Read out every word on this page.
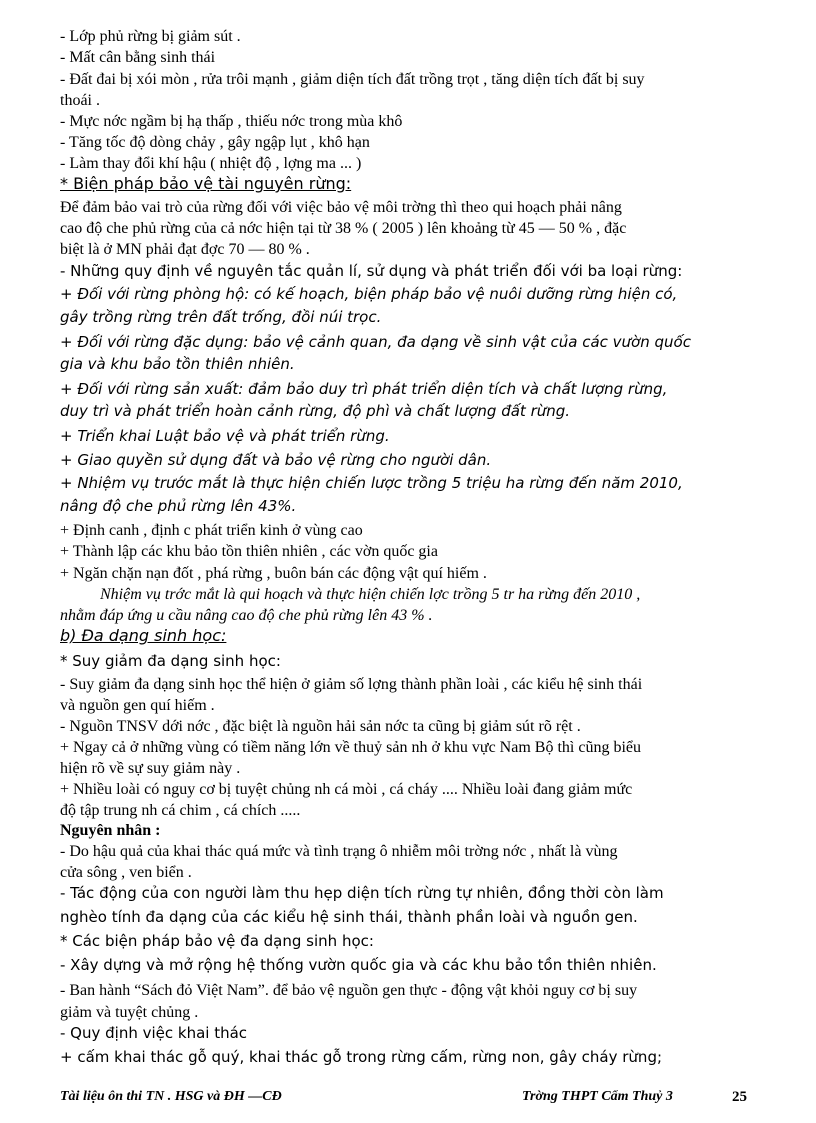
- Lớp phủ rừng bị giảm sút .
- Mất cân bằng sinh thái
- Đất đai bị xói mòn , rửa trôi mạnh , giảm diện tích đất trồng trọt , tăng diện tích đất bị suy
thoái .
- Mực nớc ngầm bị hạ thấp , thiếu nớc trong mùa khô
- Tăng tốc độ dòng chảy , gây ngập lụt , khô hạn
- Làm thay đổi khí hậu ( nhiệt độ , lợng ma ... )
* Biện pháp bảo vệ tài nguyên rừng:
Để đảm bảo vai trò của rừng đối với việc bảo vệ môi trờng thì theo qui hoạch phải nâng
cao độ che phủ rừng của cả nớc hiện tại từ 38 % ( 2005 ) lên khoảng từ 45 — 50 % , đặc
biệt là ở MN phải đạt đợc 70 — 80 % .
- Những quy định về nguyên tắc quản lí, sử dụng và phát triển đối với ba loại rừng:
+ Đối với rừng phòng hộ: có kế hoạch, biện pháp bảo vệ nuôi dưỡng rừng hiện có,
gây trồng rừng trên đất trống, đồi núi trọc.
+ Đối với rừng đặc dụng: bảo vệ cảnh quan, đa dạng về sinh vật của các vườn quốc
gia và khu bảo tồn thiên nhiên.
+ Đối với rừng sản xuất: đảm bảo duy trì phát triển diện tích và chất lượng rừng,
duy trì và phát triển hoàn cảnh rừng, độ phì và chất lượng đất rừng.
+ Triển khai Luật bảo vệ và phát triển rừng.
+ Giao quyền sử dụng đất và bảo vệ rừng cho người dân.
+ Nhiệm vụ trước mắt là thực hiện chiến lược trồng 5 triệu ha rừng đến năm 2010,
nâng độ che phủ rừng lên 43%.
+ Định canh , định c phát triển kinh ở vùng cao
+ Thành lập các khu bảo tồn thiên nhiên , các vờn quốc gia
+ Ngăn chặn nạn đốt , phá rừng , buôn bán các động vật quí hiếm .
Nhiệm vụ trớc mắt là qui hoạch và thực hiện chiến lợc trồng 5 tr ha rừng đến 2010 ,
nhằm đáp ứng u cầu nâng cao độ che phủ rừng lên 43 % .
b) Đa dạng sinh học:
* Suy giảm đa dạng sinh học:
- Suy giảm đa dạng sinh học thể hiện ở giảm số lợng thành phần loài , các kiểu hệ sinh thái
và nguồn gen quí hiếm .
- Nguồn TNSV dới nớc , đặc biệt là nguồn hải sản nớc ta cũng bị giảm sút rõ rệt .
+ Ngay cả ở những vùng có tiềm năng lớn về thuỷ sản nh ở khu vực Nam Bộ thì cũng biểu
hiện rõ về sự suy giảm này .
+ Nhiều loài có nguy cơ bị tuyệt chủng nh cá mòi , cá cháy .... Nhiều loài đang giảm mức
độ tập trung nh cá chim , cá chích .....
Nguyên nhân :
- Do hậu quả của khai thác quá mức và tình trạng ô nhiễm môi trờng nớc , nhất là vùng
cửa sông , ven biển .
- Tác động của con người làm thu hẹp diện tích rừng tự nhiên, đồng thời còn làm
nghèo tính đa dạng của các kiểu hệ sinh thái, thành phần loài và nguồn gen.
* Các biện pháp bảo vệ đa dạng sinh học:
- Xây dựng và mở rộng hệ thống vườn quốc gia và các khu bảo tồn thiên nhiên.
- Ban hành “Sách đỏ Việt Nam”. để bảo vệ nguồn gen thực - động vật khỏi nguy cơ bị suy
giảm và tuyệt chủng .
- Quy định việc khai thác
+ cấm khai thác gỗ quý, khai thác gỗ trong rừng cấm, rừng non, gây cháy rừng;
Tài liệu ôn thi TN . HSG và ĐH —CĐ	Trờng THPT Cẩm Thuỷ 3	25
